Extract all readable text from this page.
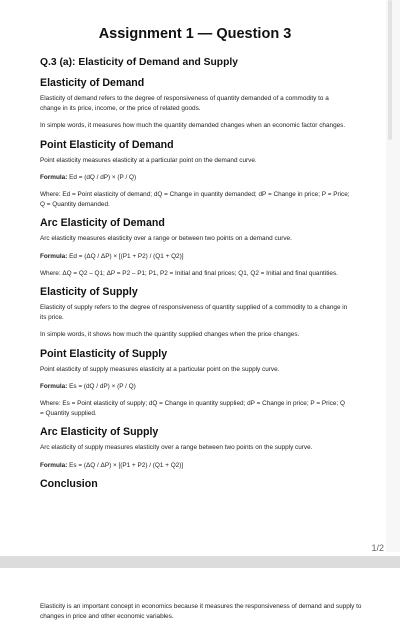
Assignment 1 — Question 3
Q.3 (a): Elasticity of Demand and Supply
Elasticity of Demand

Elasticity of demand refers to the degree of responsiveness of quantity demanded of a commodity to a change in its price, income, or the price of related goods.

In simple words, it measures how much the quantity demanded changes when an economic factor changes.

Point Elasticity of Demand

Point elasticity measures elasticity at a particular point on the demand curve.

Formula: Ed = (dQ / dP) × (P / Q)

Where: Ed = Point elasticity of demand; dQ = Change in quantity demanded; dP = Change in price; P = Price; Q = Quantity demanded.

Arc Elasticity of Demand

Arc elasticity measures elasticity over a range or between two points on a demand curve.

Formula: Ed = (ΔQ / ΔP) × [(P1 + P2) / (Q1 + Q2)]

Where: ΔQ = Q2 – Q1; ΔP = P2 – P1; P1, P2 = Initial and final prices; Q1, Q2 = Initial and final quantities.

Elasticity of Supply

Elasticity of supply refers to the degree of responsiveness of quantity supplied of a commodity to a change in its price.

In simple words, it shows how much the quantity supplied changes when the price changes.

Point Elasticity of Supply

Point elasticity of supply measures elasticity at a particular point on the supply curve.

Formula: Es = (dQ / dP) × (P / Q)

Where: Es = Point elasticity of supply; dQ = Change in quantity supplied; dP = Change in price; P = Price; Q = Quantity supplied.

Arc Elasticity of Supply

Arc elasticity of supply measures elasticity over a range between two points on the supply curve.

Formula: Es = (ΔQ / ΔP) × [(P1 + P2) / (Q1 + Q2)]

Conclusion
1/2

Elasticity is an important concept in economics because it measures the responsiveness of demand and supply to changes in price and other economic variables.
